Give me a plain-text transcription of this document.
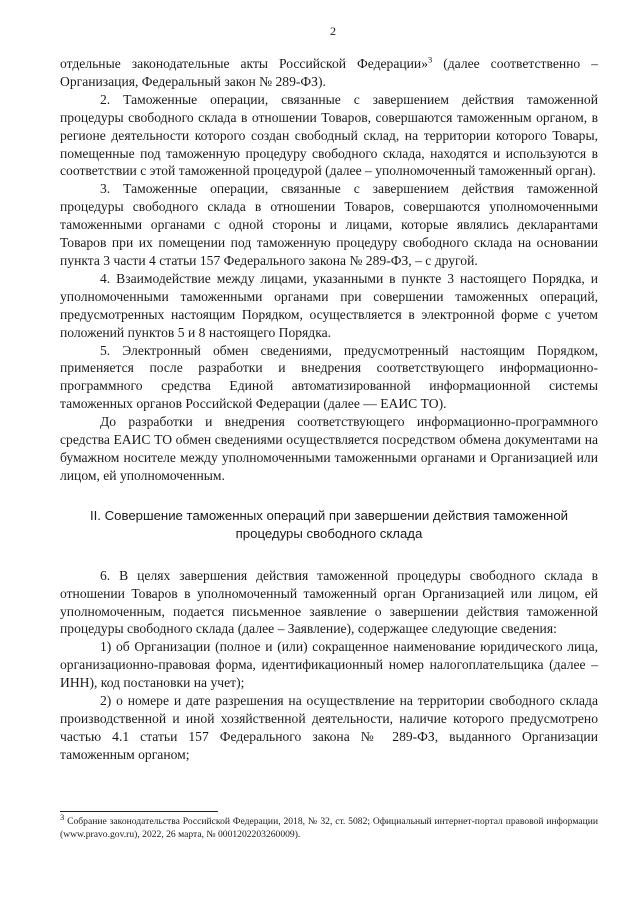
2

отдельные законодательные акты Российской Федерации»$^3$ (далее соответственно – Организация, Федеральный закон № 289-ФЗ).

2. Таможенные операции, связанные с завершением действия таможенной процедуры свободного склада в отношении Товаров, совершаются таможенным органом, в регионе деятельности которого создан свободный склад, на территории которого Товары, помещенные под таможенную процедуру свободного склада, находятся и используются в соответствии с этой таможенной процедурой (далее – уполномоченный таможенный орган).

3. Таможенные операции, связанные с завершением действия таможенной процедуры свободного склада в отношении Товаров, совершаются уполномоченными таможенными органами с одной стороны и лицами, которые являлись декларантами Товаров при их помещении под таможенную процедуру свободного склада на основании пункта 3 части 4 статьи 157 Федерального закона № 289-ФЗ, – с другой.

4. Взаимодействие между лицами, указанными в пункте 3 настоящего Порядка, и уполномоченными таможенными органами при совершении таможенных операций, предусмотренных настоящим Порядком, осуществляется в электронной форме с учетом положений пунктов 5 и 8 настоящего Порядка.

5. Электронный обмен сведениями, предусмотренный настоящим Порядком, применяется после разработки и внедрения соответствующего информационно-программного средства Единой автоматизированной информационной системы таможенных органов Российской Федерации (далее — ЕАИС ТО).

До разработки и внедрения соответствующего информационно-программного средства ЕАИС ТО обмен сведениями осуществляется посредством обмена документами на бумажном носителе между уполномоченными таможенными органами и Организацией или лицом, ей уполномоченным.

II. Совершение таможенных операций при завершении действия таможенной процедуры свободного склада

6. В целях завершения действия таможенной процедуры свободного склада в отношении Товаров в уполномоченный таможенный орган Организацией или лицом, ей уполномоченным, подается письменное заявление о завершении действия таможенной процедуры свободного склада (далее – Заявление), содержащее следующие сведения:

1) об Организации (полное и (или) сокращенное наименование юридического лица, организационно-правовая форма, идентификационный номер налогоплательщика (далее – ИНН), код постановки на учет);

2) о номере и дате разрешения на осуществление на территории свободного склада производственной и иной хозяйственной деятельности, наличие которого предусмотрено частью 4.1 статьи 157 Федерального закона № 289-ФЗ, выданного Организации таможенным органом;

$^3$ Собрание законодательства Российской Федерации, 2018, № 32, ст. 5082; Официальный интернет-портал правовой информации (www.pravo.gov.ru), 2022, 26 марта, № 0001202203260009).
